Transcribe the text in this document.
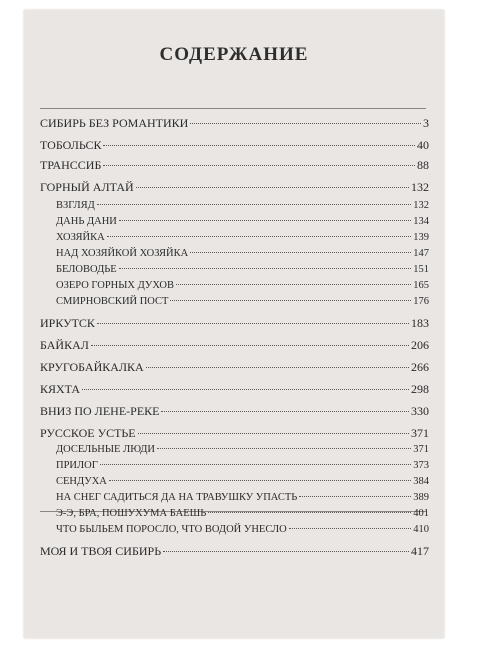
СОДЕРЖАНИЕ
СИБИРЬ БЕЗ РОМАНТИКИ	3
ТОБОЛЬСК	40
ТРАНССИБ	88
ГОРНЫЙ АЛТАЙ	132
ВЗГЛЯД	132
ДАНЬ ДАНИ	134
ХОЗЯЙКА	139
НАД ХОЗЯЙКОЙ ХОЗЯЙКА	147
БЕЛОВОДЬЕ	151
ОЗЕРО ГОРНЫХ ДУХОВ	165
СМИРНОВСКИЙ ПОСТ	176
ИРКУТСК	183
БАЙКАЛ	206
КРУГОБАЙКАЛКА	266
КЯХТА	298
ВНИЗ ПО ЛЕНЕ-РЕКЕ	330
РУССКОЕ УСТЬЕ	371
ДОСЕЛЬНЫЕ ЛЮДИ	371
ПРИЛОГ	373
СЕНДУХА	384
НА СНЕГ САДИТЬСЯ ДА НА ТРАВУШКУ УПАСТЬ	389
Э-Э, БРА, ПОШУХУМА БАЕШЬ	401
ЧТО БЫЛЬЕМ ПОРОСЛО, ЧТО ВОДОЙ УНЕСЛО	410
МОЯ И ТВОЯ СИБИРЬ	417
